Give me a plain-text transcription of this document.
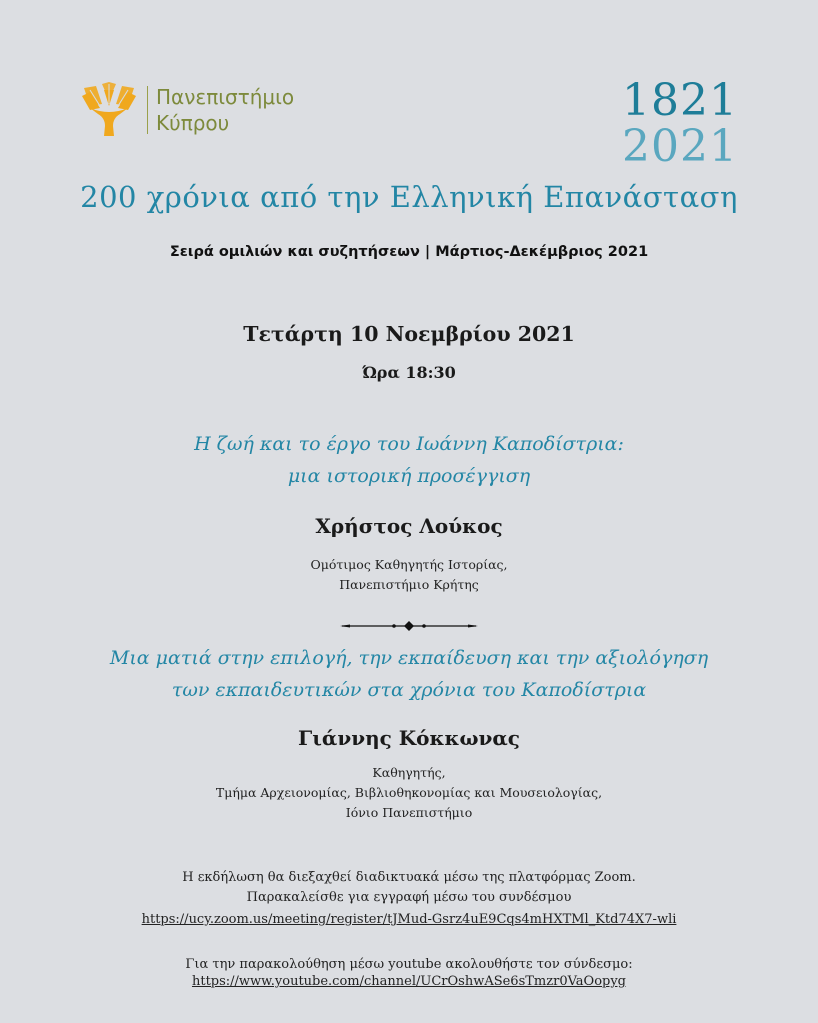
Πανεπιστήμιο
Κύπρου	1821
2021
200 χρόνια από την Ελληνική Επανάσταση
Σειρά ομιλιών και συζητήσεων | Μάρτιος-Δεκέμβριος 2021
Τετάρτη 10 Νοεμβρίου 2021
Ώρα 18:30
Η ζωή και το έργο του Ιωάννη Καποδίστρια:
μια ιστορική προσέγγιση
Χρήστος Λούκος
Ομότιμος Καθηγητής Ιστορίας,
Πανεπιστήμιο Κρήτης
Μια ματιά στην επιλογή, την εκπαίδευση και την αξιολόγηση
των εκπαιδευτικών στα χρόνια του Καποδίστρια
Γιάννης Κόκκωνας
Καθηγητής,
Τμήμα Αρχειονομίας, Βιβλιοθηκονομίας και Μουσειολογίας,
Ιόνιο Πανεπιστήμιο
Η εκδήλωση θα διεξαχθεί διαδικτυακά μέσω της πλατφόρμας Zoom.
Παρακαλείσθε για εγγραφή μέσω του συνδέσμου
https://ucy.zoom.us/meeting/register/tJMud-Gsrz4uE9Cqs4mHXTMl_Ktd74X7-wli
Για την παρακολούθηση μέσω youtube ακολουθήστε τον σύνδεσμο:
https://www.youtube.com/channel/UCrOshwASe6sTmzr0VaOopyg
